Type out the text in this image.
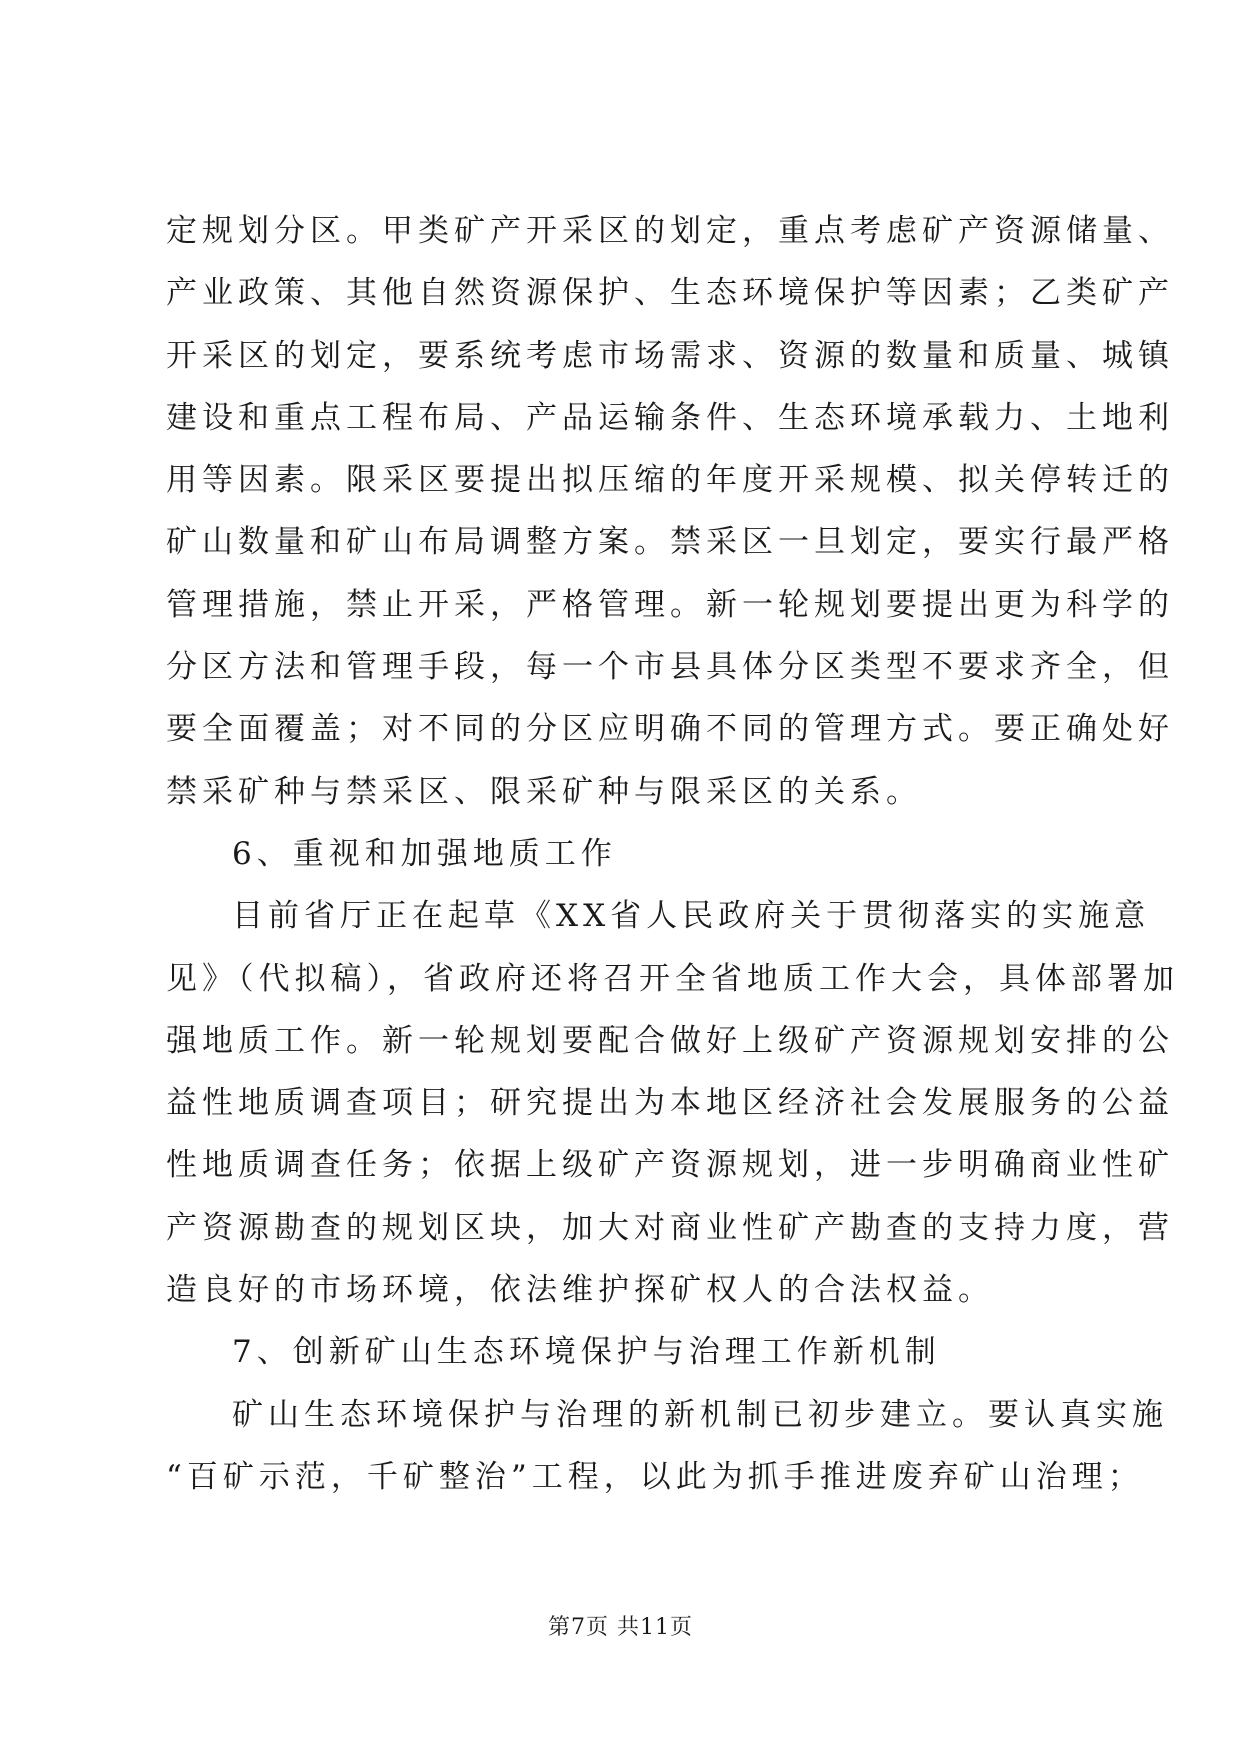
定规划分区。甲类矿产开采区的划定，重点考虑矿产资源储量、
产业政策、其他自然资源保护、生态环境保护等因素；乙类矿产
开采区的划定，要系统考虑市场需求、资源的数量和质量、城镇
建设和重点工程布局、产品运输条件、生态环境承载力、土地利
用等因素。限采区要提出拟压缩的年度开采规模、拟关停转迁的
矿山数量和矿山布局调整方案。禁采区一旦划定，要实行最严格
管理措施，禁止开采，严格管理。新一轮规划要提出更为科学的
分区方法和管理手段，每一个市县具体分区类型不要求齐全，但
要全面覆盖；对不同的分区应明确不同的管理方式。要正确处好
禁采矿种与禁采区、限采矿种与限采区的关系。
6、重视和加强地质工作
目前省厅正在起草《XX省人民政府关于贯彻落实的实施意
见》（代拟稿），省政府还将召开全省地质工作大会，具体部署加
强地质工作。新一轮规划要配合做好上级矿产资源规划安排的公
益性地质调查项目；研究提出为本地区经济社会发展服务的公益
性地质调查任务；依据上级矿产资源规划，进一步明确商业性矿
产资源勘查的规划区块，加大对商业性矿产勘查的支持力度，营
造良好的市场环境，依法维护探矿权人的合法权益。
7、创新矿山生态环境保护与治理工作新机制
矿山生态环境保护与治理的新机制已初步建立。要认真实施
“百矿示范，千矿整治”工程，以此为抓手推进废弃矿山治理；
第7页 共11页
